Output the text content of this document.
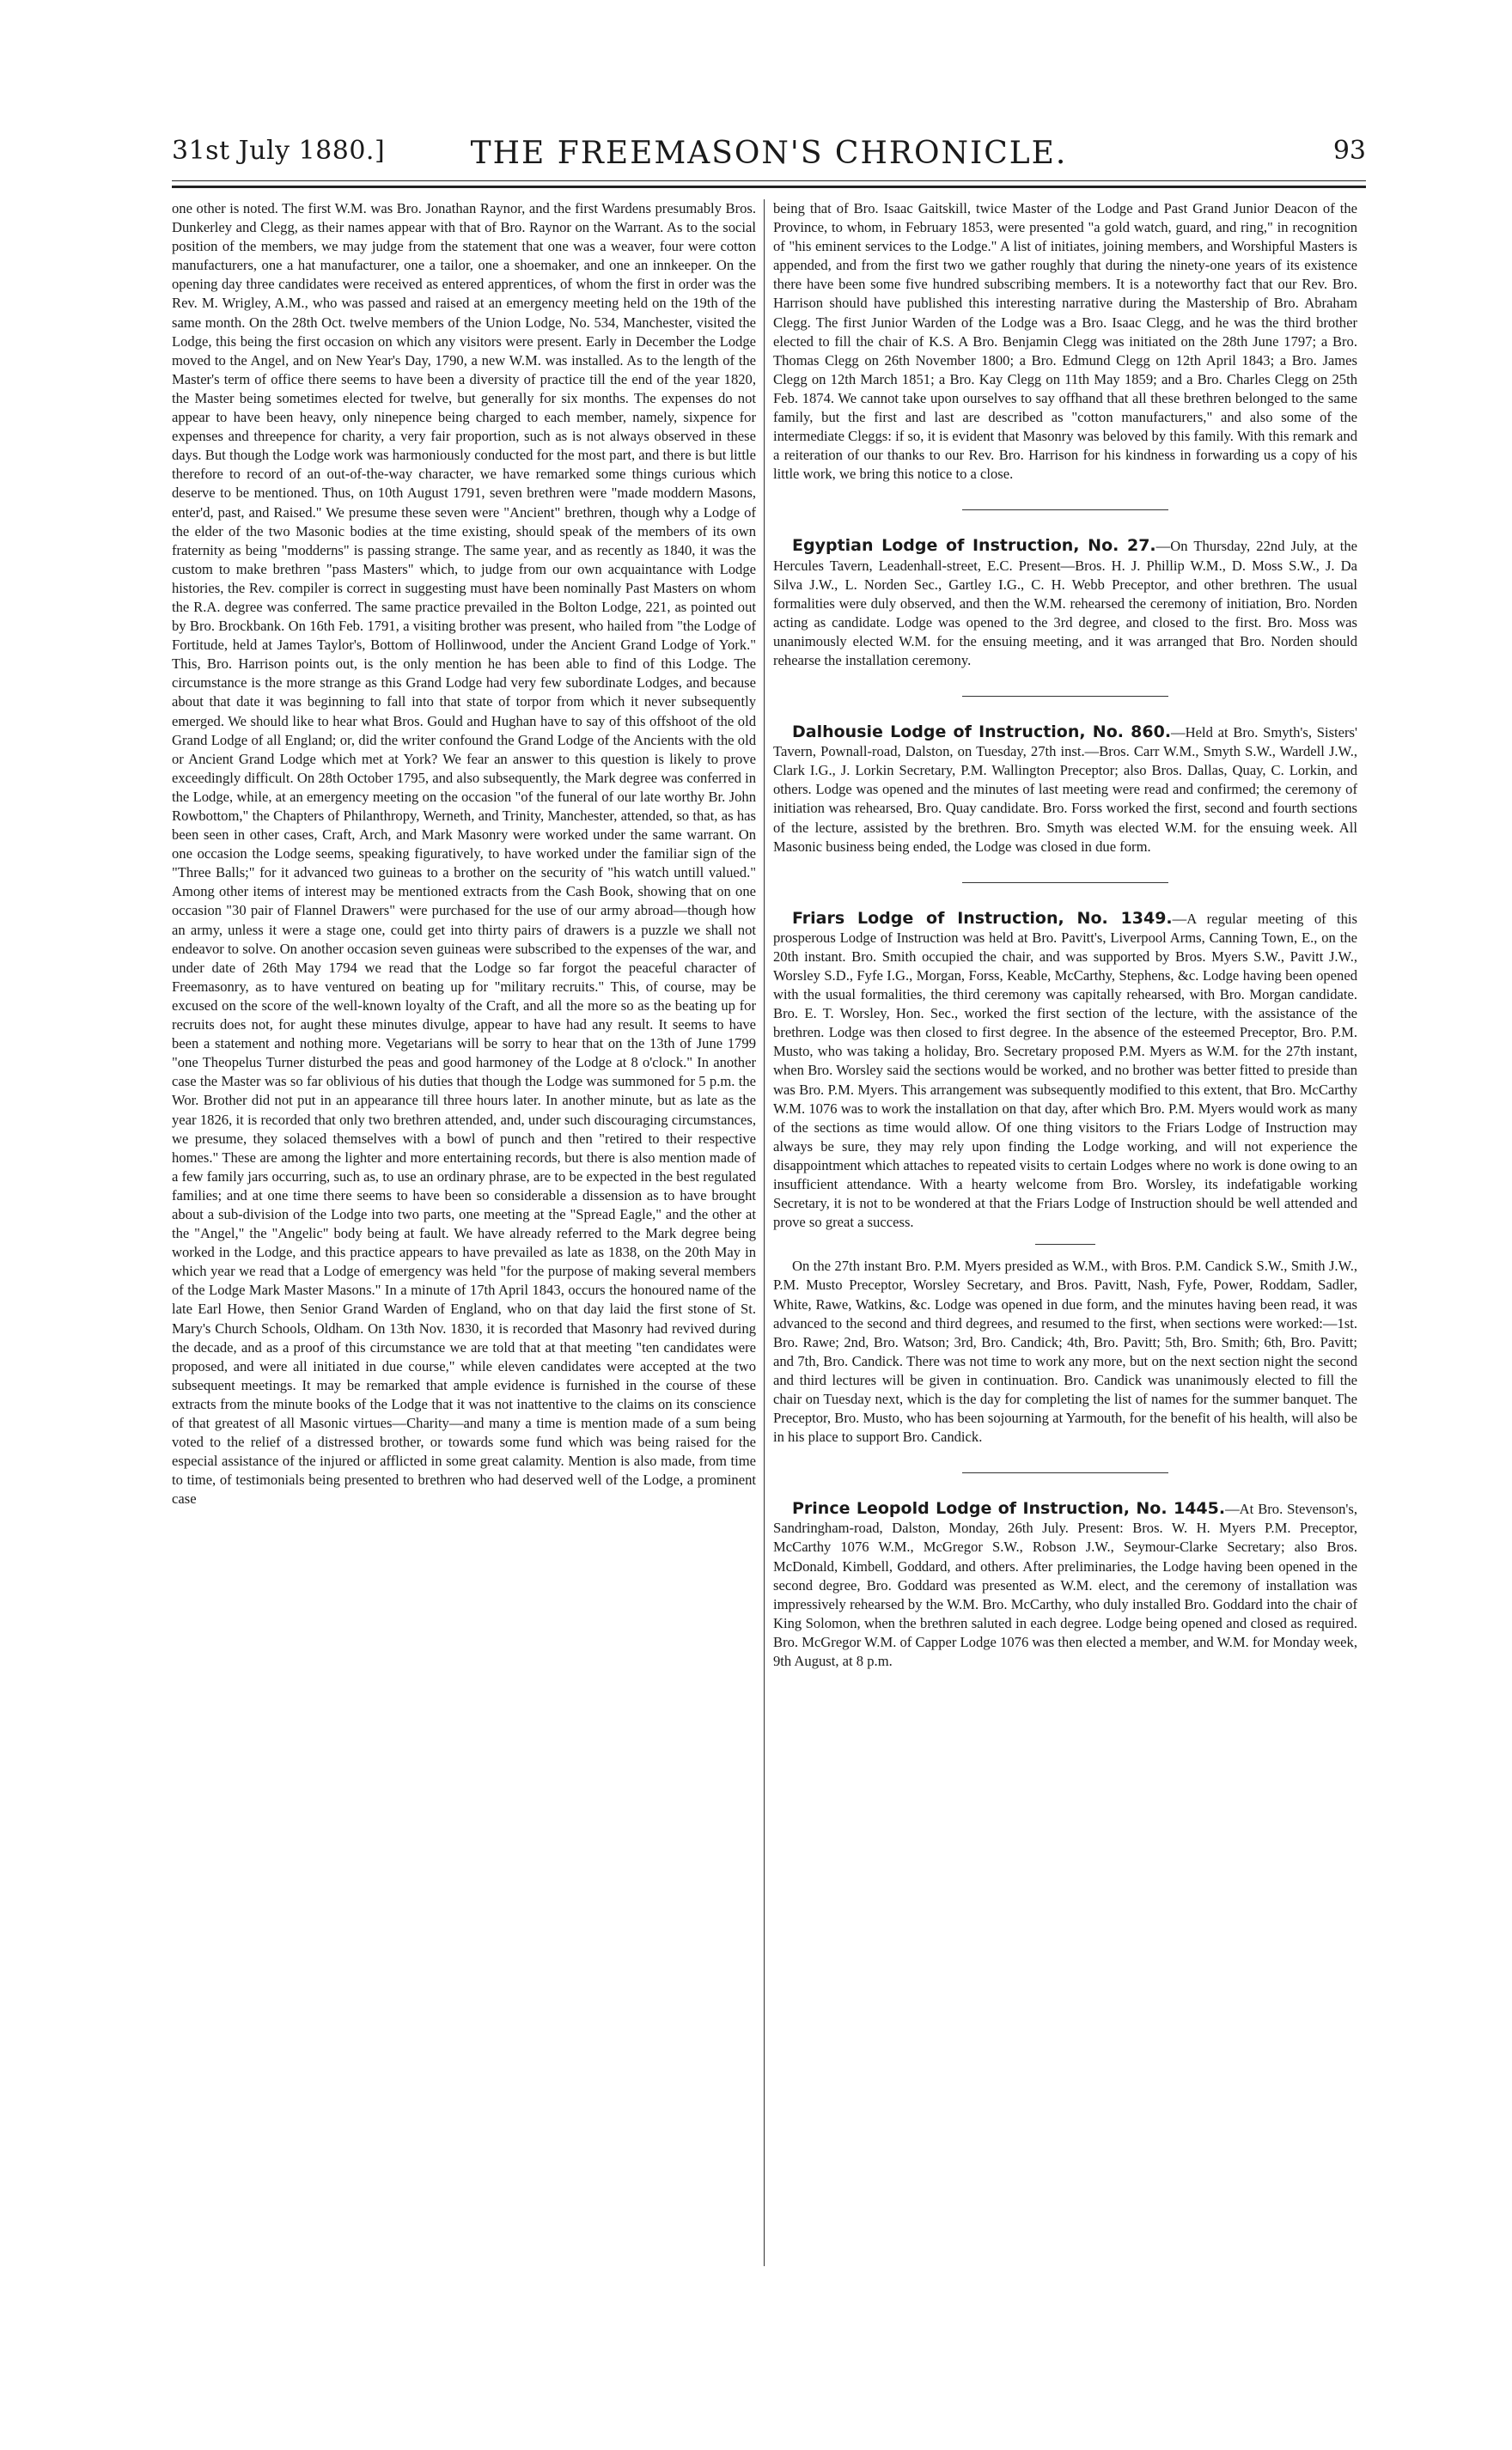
31st July 1880.]	THE FREEMASON'S CHRONICLE.	93

one other is noted. The first W.M. was Bro. Jonathan Raynor, and the first Wardens presumably Bros. Dunkerley and Clegg, as their names appear with that of Bro. Raynor on the Warrant. As to the social position of the members, we may judge from the statement that one was a weaver, four were cotton manufacturers, one a hat manufacturer, one a tailor, one a shoemaker, and one an innkeeper. On the opening day three candidates were received as entered apprentices, of whom the first in order was the Rev. M. Wrigley, A.M., who was passed and raised at an emergency meeting held on the 19th of the same month. On the 28th Oct. twelve members of the Union Lodge, No. 534, Manchester, visited the Lodge, this being the first occasion on which any visitors were present. Early in December the Lodge moved to the Angel, and on New Year's Day, 1790, a new W.M. was installed. As to the length of the Master's term of office there seems to have been a diversity of practice till the end of the year 1820, the Master being sometimes elected for twelve, but generally for six months. The expenses do not appear to have been heavy, only ninepence being charged to each member, namely, sixpence for expenses and threepence for charity, a very fair proportion, such as is not always observed in these days. But though the Lodge work was harmoniously conducted for the most part, and there is but little therefore to record of an out-of-the-way character, we have remarked some things curious which deserve to be mentioned. Thus, on 10th August 1791, seven brethren were "made moddern Masons, enter'd, past, and Raised." We presume these seven were "Ancient" brethren, though why a Lodge of the elder of the two Masonic bodies at the time existing, should speak of the members of its own fraternity as being "modderns" is passing strange. The same year, and as recently as 1840, it was the custom to make brethren "pass Masters" which, to judge from our own acquaintance with Lodge histories, the Rev. compiler is correct in suggesting must have been nominally Past Masters on whom the R.A. degree was conferred. The same practice prevailed in the Bolton Lodge, 221, as pointed out by Bro. Brockbank. On 16th Feb. 1791, a visiting brother was present, who hailed from "the Lodge of Fortitude, held at James Taylor's, Bottom of Hollinwood, under the Ancient Grand Lodge of York." This, Bro. Harrison points out, is the only mention he has been able to find of this Lodge. The circumstance is the more strange as this Grand Lodge had very few subordinate Lodges, and because about that date it was beginning to fall into that state of torpor from which it never subsequently emerged. We should like to hear what Bros. Gould and Hughan have to say of this offshoot of the old Grand Lodge of all England; or, did the writer confound the Grand Lodge of the Ancients with the old or Ancient Grand Lodge which met at York? We fear an answer to this question is likely to prove exceedingly difficult. On 28th October 1795, and also subsequently, the Mark degree was conferred in the Lodge, while, at an emergency meeting on the occasion "of the funeral of our late worthy Br. John Rowbottom," the Chapters of Philanthropy, Werneth, and Trinity, Manchester, attended, so that, as has been seen in other cases, Craft, Arch, and Mark Masonry were worked under the same warrant. On one occasion the Lodge seems, speaking figuratively, to have worked under the familiar sign of the "Three Balls;" for it advanced two guineas to a brother on the security of "his watch untill valued." Among other items of interest may be mentioned extracts from the Cash Book, showing that on one occasion "30 pair of Flannel Drawers" were purchased for the use of our army abroad—though how an army, unless it were a stage one, could get into thirty pairs of drawers is a puzzle we shall not endeavor to solve. On another occasion seven guineas were subscribed to the expenses of the war, and under date of 26th May 1794 we read that the Lodge so far forgot the peaceful character of Freemasonry, as to have ventured on beating up for "military recruits." This, of course, may be excused on the score of the well-known loyalty of the Craft, and all the more so as the beating up for recruits does not, for aught these minutes divulge, appear to have had any result. It seems to have been a statement and nothing more. Vegetarians will be sorry to hear that on the 13th of June 1799 "one Theopelus Turner disturbed the peas and good harmoney of the Lodge at 8 o'clock." In another case the Master was so far oblivious of his duties that though the Lodge was summoned for 5 p.m. the Wor. Brother did not put in an appearance till three hours later. In another minute, but as late as the year 1826, it is recorded that only two brethren attended, and, under such discouraging circumstances, we presume, they solaced themselves with a bowl of punch and then "retired to their respective homes." These are among the lighter and more entertaining records, but there is also mention made of a few family jars occurring, such as, to use an ordinary phrase, are to be expected in the best regulated families; and at one time there seems to have been so considerable a dissension as to have brought about a sub-division of the Lodge into two parts, one meeting at the "Spread Eagle," and the other at the "Angel," the "Angelic" body being at fault. We have already referred to the Mark degree being worked in the Lodge, and this practice appears to have prevailed as late as 1838, on the 20th May in which year we read that a Lodge of emergency was held "for the purpose of making several members of the Lodge Mark Master Masons." In a minute of 17th April 1843, occurs the honoured name of the late Earl Howe, then Senior Grand Warden of England, who on that day laid the first stone of St. Mary's Church Schools, Oldham. On 13th Nov. 1830, it is recorded that Masonry had revived during the decade, and as a proof of this circumstance we are told that at that meeting "ten candidates were proposed, and were all initiated in due course," while eleven candidates were accepted at the two subsequent meetings. It may be remarked that ample evidence is furnished in the course of these extracts from the minute books of the Lodge that it was not inattentive to the claims on its conscience of that greatest of all Masonic virtues—Charity—and many a time is mention made of a sum being voted to the relief of a distressed brother, or towards some fund which was being raised for the especial assistance of the injured or afflicted in some great calamity. Mention is also made, from time to time, of testimonials being presented to brethren who had deserved well of the Lodge, a prominent case

being that of Bro. Isaac Gaitskill, twice Master of the Lodge and Past Grand Junior Deacon of the Province, to whom, in February 1853, were presented "a gold watch, guard, and ring," in recognition of "his eminent services to the Lodge." A list of initiates, joining members, and Worshipful Masters is appended, and from the first two we gather roughly that during the ninety-one years of its existence there have been some five hundred subscribing members. It is a noteworthy fact that our Rev. Bro. Harrison should have published this interesting narrative during the Mastership of Bro. Abraham Clegg. The first Junior Warden of the Lodge was a Bro. Isaac Clegg, and he was the third brother elected to fill the chair of K.S. A Bro. Benjamin Clegg was initiated on the 28th June 1797; a Bro. Thomas Clegg on 26th November 1800; a Bro. Edmund Clegg on 12th April 1843; a Bro. James Clegg on 12th March 1851; a Bro. Kay Clegg on 11th May 1859; and a Bro. Charles Clegg on 25th Feb. 1874. We cannot take upon ourselves to say offhand that all these brethren belonged to the same family, but the first and last are described as "cotton manufacturers," and also some of the intermediate Cleggs: if so, it is evident that Masonry was beloved by this family. With this remark and a reiteration of our thanks to our Rev. Bro. Harrison for his kindness in forwarding us a copy of his little work, we bring this notice to a close.

Egyptian Lodge of Instruction, No. 27.—On Thursday, 22nd July, at the Hercules Tavern, Leadenhall-street, E.C. Present—Bros. H. J. Phillip W.M., D. Moss S.W., J. Da Silva J.W., L. Norden Sec., Gartley I.G., C. H. Webb Preceptor, and other brethren. The usual formalities were duly observed, and then the W.M. rehearsed the ceremony of initiation, Bro. Norden acting as candidate. Lodge was opened to the 3rd degree, and closed to the first. Bro. Moss was unanimously elected W.M. for the ensuing meeting, and it was arranged that Bro. Norden should rehearse the installation ceremony.

Dalhousie Lodge of Instruction, No. 860.—Held at Bro. Smyth's, Sisters' Tavern, Pownall-road, Dalston, on Tuesday, 27th inst.—Bros. Carr W.M., Smyth S.W., Wardell J.W., Clark I.G., J. Lorkin Secretary, P.M. Wallington Preceptor; also Bros. Dallas, Quay, C. Lorkin, and others. Lodge was opened and the minutes of last meeting were read and confirmed; the ceremony of initiation was rehearsed, Bro. Quay candidate. Bro. Forss worked the first, second and fourth sections of the lecture, assisted by the brethren. Bro. Smyth was elected W.M. for the ensuing week. All Masonic business being ended, the Lodge was closed in due form.

Friars Lodge of Instruction, No. 1349.—A regular meeting of this prosperous Lodge of Instruction was held at Bro. Pavitt's, Liverpool Arms, Canning Town, E., on the 20th instant. Bro. Smith occupied the chair, and was supported by Bros. Myers S.W., Pavitt J.W., Worsley S.D., Fyfe I.G., Morgan, Forss, Keable, McCarthy, Stephens, &c. Lodge having been opened with the usual formalities, the third ceremony was capitally rehearsed, with Bro. Morgan candidate. Bro. E. T. Worsley, Hon. Sec., worked the first section of the lecture, with the assistance of the brethren. Lodge was then closed to first degree. In the absence of the esteemed Preceptor, Bro. P.M. Musto, who was taking a holiday, Bro. Secretary proposed P.M. Myers as W.M. for the 27th instant, when Bro. Worsley said the sections would be worked, and no brother was better fitted to preside than was Bro. P.M. Myers. This arrangement was subsequently modified to this extent, that Bro. McCarthy W.M. 1076 was to work the installation on that day, after which Bro. P.M. Myers would work as many of the sections as time would allow. Of one thing visitors to the Friars Lodge of Instruction may always be sure, they may rely upon finding the Lodge working, and will not experience the disappointment which attaches to repeated visits to certain Lodges where no work is done owing to an insufficient attendance. With a hearty welcome from Bro. Worsley, its indefatigable working Secretary, it is not to be wondered at that the Friars Lodge of Instruction should be well attended and prove so great a success.

On the 27th instant Bro. P.M. Myers presided as W.M., with Bros. P.M. Candick S.W., Smith J.W., P.M. Musto Preceptor, Worsley Secretary, and Bros. Pavitt, Nash, Fyfe, Power, Roddam, Sadler, White, Rawe, Watkins, &c. Lodge was opened in due form, and the minutes having been read, it was advanced to the second and third degrees, and resumed to the first, when sections were worked:—1st. Bro. Rawe; 2nd, Bro. Watson; 3rd, Bro. Candick; 4th, Bro. Pavitt; 5th, Bro. Smith; 6th, Bro. Pavitt; and 7th, Bro. Candick. There was not time to work any more, but on the next section night the second and third lectures will be given in continuation. Bro. Candick was unanimously elected to fill the chair on Tuesday next, which is the day for completing the list of names for the summer banquet. The Preceptor, Bro. Musto, who has been sojourning at Yarmouth, for the benefit of his health, will also be in his place to support Bro. Candick.

Prince Leopold Lodge of Instruction, No. 1445.—At Bro. Stevenson's, Sandringham-road, Dalston, Monday, 26th July. Present: Bros. W. H. Myers P.M. Preceptor, McCarthy 1076 W.M., McGregor S.W., Robson J.W., Seymour-Clarke Secretary; also Bros. McDonald, Kimbell, Goddard, and others. After preliminaries, the Lodge having been opened in the second degree, Bro. Goddard was presented as W.M. elect, and the ceremony of installation was impressively rehearsed by the W.M. Bro. McCarthy, who duly installed Bro. Goddard into the chair of King Solomon, when the brethren saluted in each degree. Lodge being opened and closed as required. Bro. McGregor W.M. of Capper Lodge 1076 was then elected a member, and W.M. for Monday week, 9th August, at 8 p.m.
